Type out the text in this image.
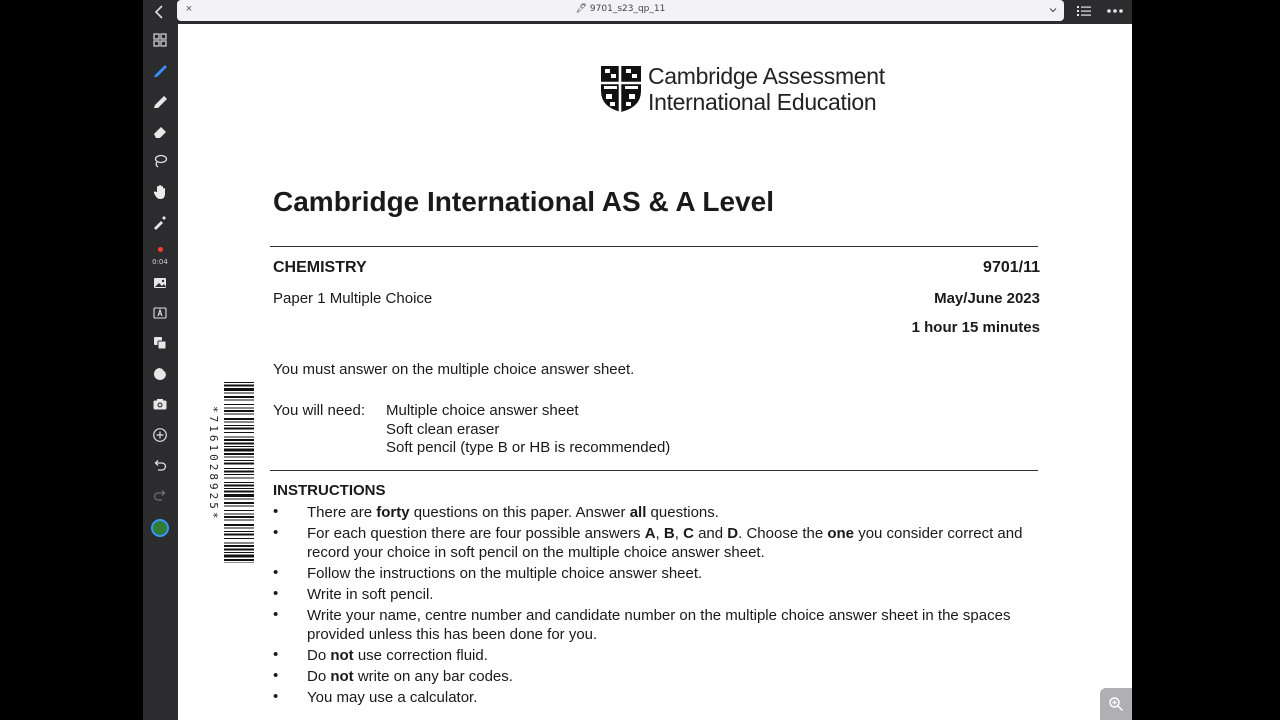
0:04
×	🖊 9701_s23_qp_11
Cambridge Assessment
International Education
Cambridge International AS & A Level
CHEMISTRY	9701/11
Paper 1 Multiple Choice	May/June 2023
1 hour 15 minutes
You must answer on the multiple choice answer sheet.
You will need: Multiple choice answer sheet
Soft clean eraser
Soft pencil (type B or HB is recommended)
*7161028925*	INSTRUCTIONS
•	There are forty questions on this paper. Answer all questions.
•	For each question there are four possible answers A, B, C and D. Choose the one you consider correct and record your choice in soft pencil on the multiple choice answer sheet.
•	Follow the instructions on the multiple choice answer sheet.
•	Write in soft pencil.
•	Write your name, centre number and candidate number on the multiple choice answer sheet in the spaces provided unless this has been done for you.
•	Do not use correction fluid.
•	Do not write on any bar codes.
•	You may use a calculator.
